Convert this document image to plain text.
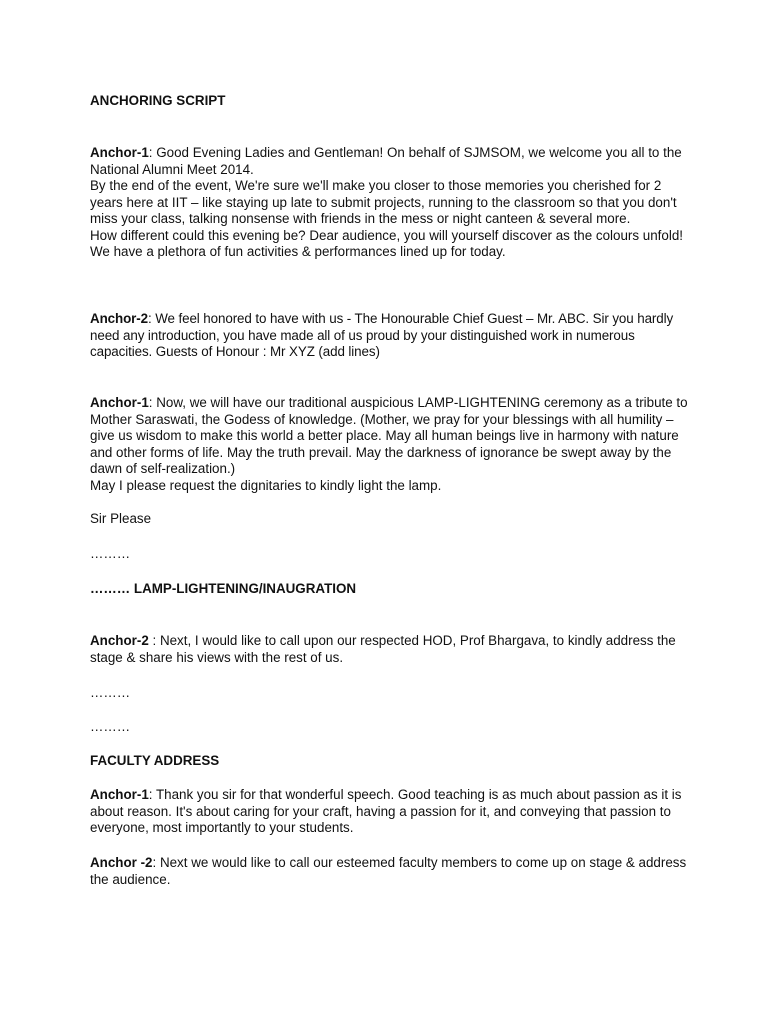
ANCHORING SCRIPT
Anchor-1: Good Evening Ladies and Gentleman! On behalf of SJMSOM, we welcome you all to the National Alumni Meet 2014.
By the end of the event, We're sure we'll make you closer to those memories you cherished for 2 years here at IIT – like staying up late to submit projects, running to the classroom so that you don't miss your class, talking nonsense with friends in the mess or night canteen & several more.
How different could this evening be? Dear audience, you will yourself discover as the colours unfold! We have a plethora of fun activities & performances lined up for today.
Anchor-2: We feel honored to have with us - The Honourable Chief Guest – Mr. ABC. Sir you hardly need any introduction, you have made all of us proud by your distinguished work in numerous capacities. Guests of Honour : Mr XYZ (add lines)
Anchor-1: Now, we will have our traditional auspicious LAMP-LIGHTENING ceremony as a tribute to Mother Saraswati, the Godess of knowledge. (Mother, we pray for your blessings with all humility – give us wisdom to make this world a better place. May all human beings live in harmony with nature and other forms of life. May the truth prevail. May the darkness of ignorance be swept away by the dawn of self-realization.)
May I please request the dignitaries to kindly light the lamp.
Sir Please
………
……… LAMP-LIGHTENING/INAUGRATION
Anchor-2 : Next, I would like to call upon our respected HOD, Prof Bhargava, to kindly address the stage & share his views with the rest of us.
………
………
FACULTY ADDRESS
Anchor-1: Thank you sir for that wonderful speech. Good teaching is as much about passion as it is about reason. It's about caring for your craft, having a passion for it, and conveying that passion to everyone, most importantly to your students.
Anchor -2: Next we would like to call our esteemed faculty members to come up on stage & address the audience.
